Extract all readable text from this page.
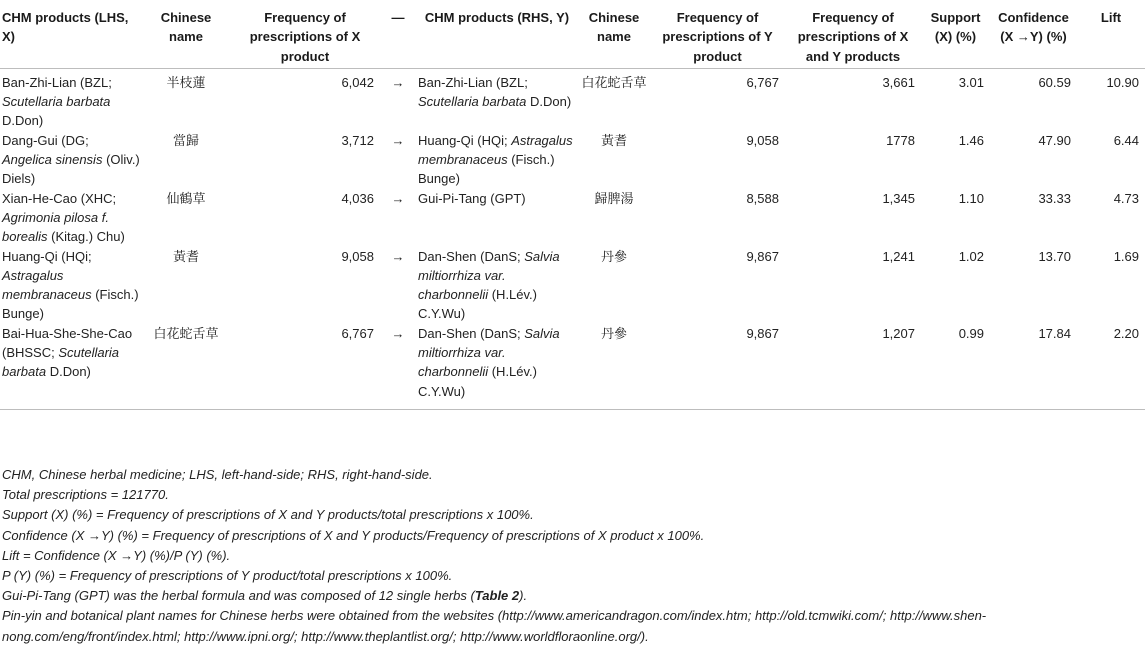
CHM products (LHS, X)	Chinese name	Frequency of prescriptions of X product	—	CHM products (RHS, Y)	Chinese name	Frequency of prescriptions of Y product	Frequency of prescriptions of X and Y products	Support (X) (%)	Confidence (X →Y) (%)	Lift
Ban-Zhi-Lian (BZL; Scutellaria barbata D.Don)	半枝蓮	6,042	→	Ban-Zhi-Lian (BZL; Scutellaria barbata D.Don)	白花蛇舌草	6,767	3,661	3.01	60.59	10.90
Dang-Gui (DG; Angelica sinensis (Oliv.) Diels)	當歸	3,712	→	Huang-Qi (HQi; Astragalus membranaceus (Fisch.) Bunge)	黃耆	9,058	1778	1.46	47.90	6.44
Xian-He-Cao (XHC; Agrimonia pilosa f. borealis (Kitag.) Chu)	仙鶴草	4,036	→	Gui-Pi-Tang (GPT)	歸脾湯	8,588	1,345	1.10	33.33	4.73
Huang-Qi (HQi; Astragalus membranaceus (Fisch.) Bunge)	黃耆	9,058	→	Dan-Shen (DanS; Salvia miltiorrhiza var. charbonnelii (H.Lév.) C.Y.Wu)	丹參	9,867	1,241	1.02	13.70	1.69
Bai-Hua-She-She-Cao (BHSSC; Scutellaria barbata D.Don)	白花蛇舌草	6,767	→	Dan-Shen (DanS; Salvia miltiorrhiza var. charbonnelii (H.Lév.) C.Y.Wu)	丹參	9,867	1,207	0.99	17.84	2.20

CHM, Chinese herbal medicine; LHS, left-hand-side; RHS, right-hand-side.

Total prescriptions = 121770.

Support (X) (%) = Frequency of prescriptions of X and Y products/total prescriptions x 100%.

Confidence (X →Y) (%) = Frequency of prescriptions of X and Y products/Frequency of prescriptions of X product x 100%.

Lift = Confidence (X →Y) (%)/P (Y) (%).

P (Y) (%) = Frequency of prescriptions of Y product/total prescriptions x 100%.

Gui-Pi-Tang (GPT) was the herbal formula and was composed of 12 single herbs (Table 2).

Pin-yin and botanical plant names for Chinese herbs were obtained from the websites (http://www.americandragon.com/index.htm; http://old.tcmwiki.com/; http://www.shen-nong.com/eng/front/index.html; http://www.ipni.org/; http://www.theplantlist.org/; http://www.worldfloraonline.org/).
